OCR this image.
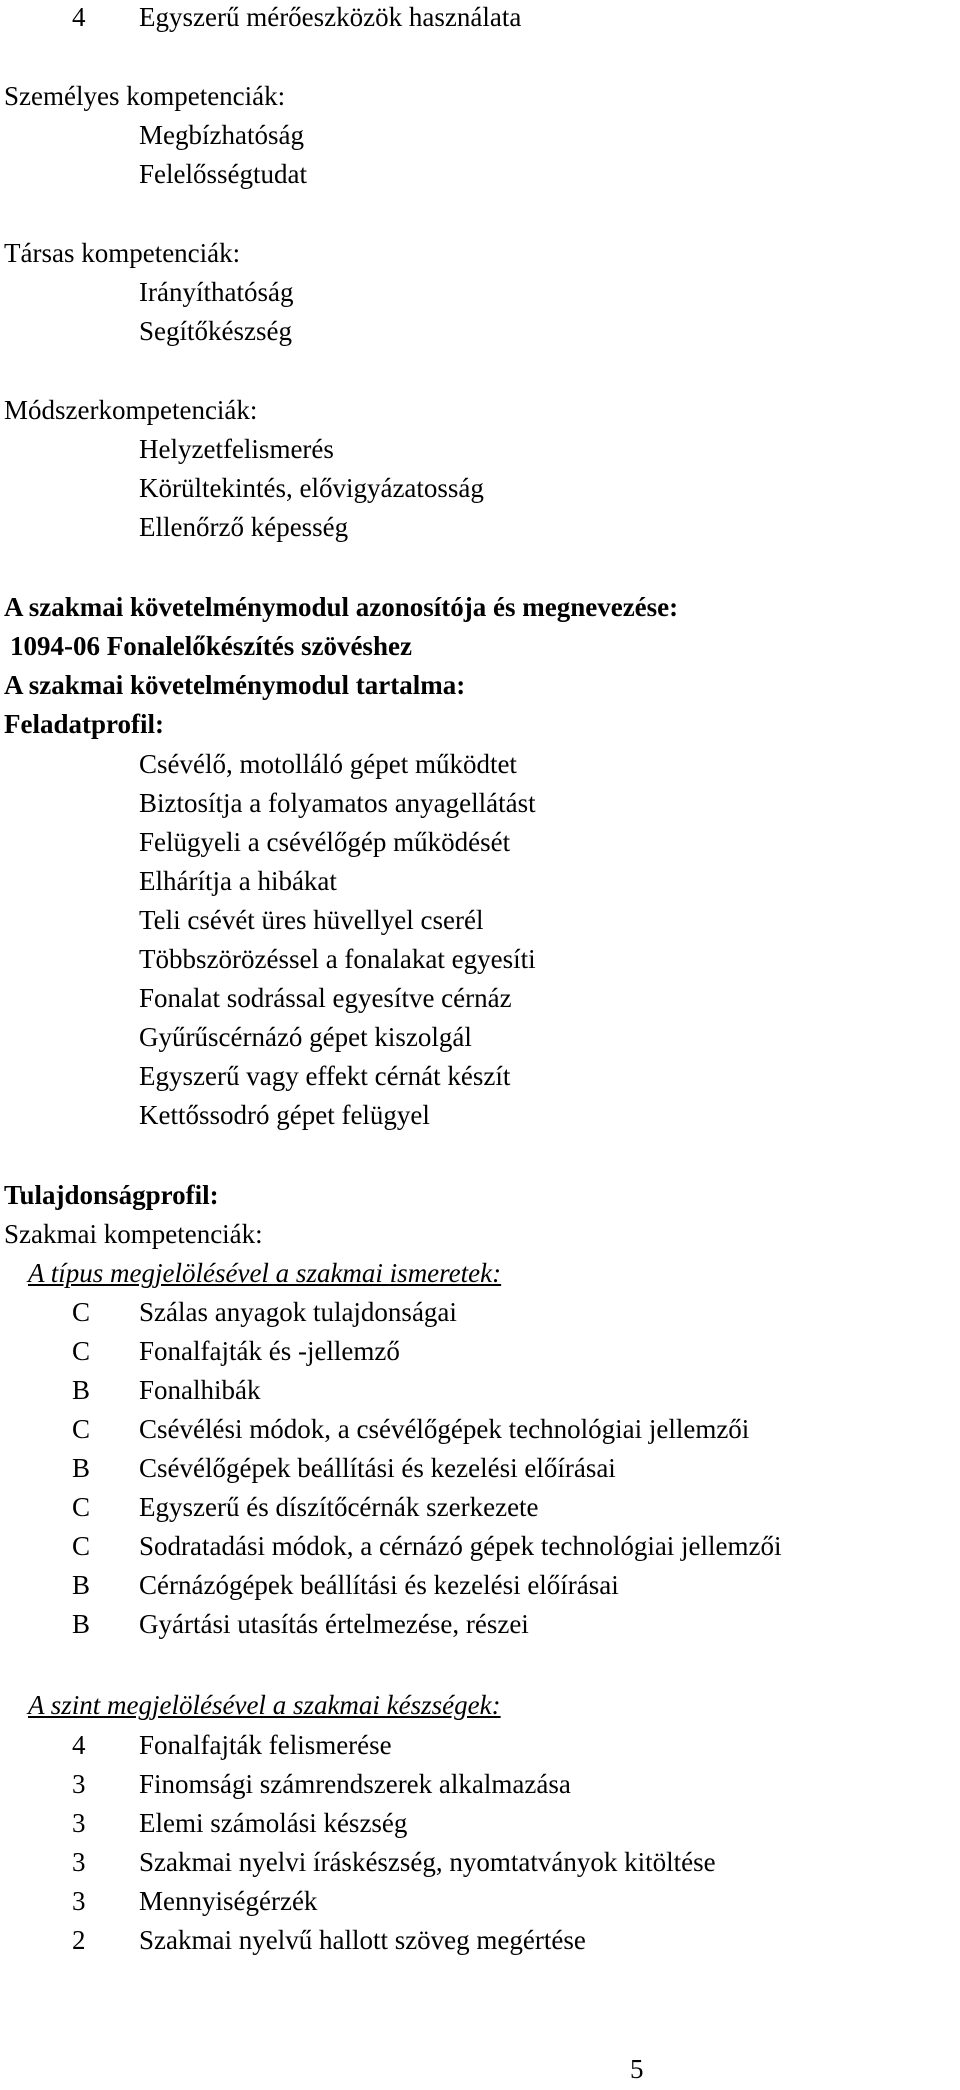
4 Egyszerű mérőeszközök használata
Személyes kompetenciák:
Megbízhatóság
Felelősségtudat
Társas kompetenciák:
Irányíthatóság
Segítőkészség
Módszerkompetenciák:
Helyzetfelismerés
Körültekintés, elővigyázatosság
Ellenőrző képesség
A szakmai követelménymodul azonosítója és megnevezése:
1094-06 Fonalelőkészítés szövéshez
A szakmai követelménymodul tartalma:
Feladatprofil:
Csévélő, motolláló gépet működtet
Biztosítja a folyamatos anyagellátást
Felügyeli a csévélőgép működését
Elhárítja a hibákat
Teli csévét üres hüvellyel cserél
Többszörözéssel a fonalakat egyesíti
Fonalat sodrással egyesítve cérnáz
Gyűrűscérnázó gépet kiszolgál
Egyszerű vagy effekt cérnát készít
Kettőssodró gépet felügyel
Tulajdonságprofil:
Szakmai kompetenciák:
A típus megjelölésével a szakmai ismeretek:
C Szálas anyagok tulajdonságai
C Fonalfajták és -jellemző
B Fonalhibák
C Csévélési módok, a csévélőgépek technológiai jellemzői
B Csévélőgépek beállítási és kezelési előírásai
C Egyszerű és díszítőcérnák szerkezete
C Sodratadási módok, a cérnázó gépek technológiai jellemzői
B Cérnázógépek beállítási és kezelési előírásai
B Gyártási utasítás értelmezése, részei
A szint megjelölésével a szakmai készségek:
4 Fonalfajták felismerése
3 Finomsági számrendszerek alkalmazása
3 Elemi számolási készség
3 Szakmai nyelvi íráskészség, nyomtatványok kitöltése
3 Mennyiségérzék
2 Szakmai nyelvű hallott szöveg megértése
5
